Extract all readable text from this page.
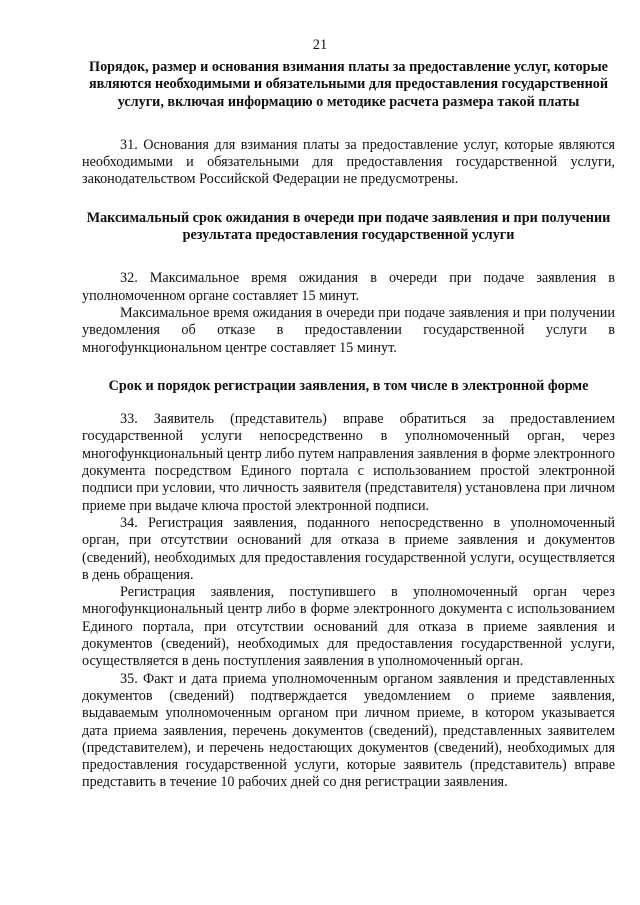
21
Порядок, размер и основания взимания платы за предоставление услуг, которые являются необходимыми и обязательными для предоставления государственной услуги, включая информацию о методике расчета размера такой платы

31. Основания для взимания платы за предоставление услуг, которые являются необходимыми и обязательными для предоставления государственной услуги, законодательством Российской Федерации не предусмотрены.

Максимальный срок ожидания в очереди при подаче заявления и при получении результата предоставления государственной услуги

32. Максимальное время ожидания в очереди при подаче заявления в уполномоченном органе составляет 15 минут.

Максимальное время ожидания в очереди при подаче заявления и при получении уведомления об отказе в предоставлении государственной услуги в многофункциональном центре составляет 15 минут.

Срок и порядок регистрации заявления, в том числе в электронной форме

33. Заявитель (представитель) вправе обратиться за предоставлением государственной услуги непосредственно в уполномоченный орган, через многофункциональный центр либо путем направления заявления в форме электронного документа посредством Единого портала с использованием простой электронной подписи при условии, что личность заявителя (представителя) установлена при личном приеме при выдаче ключа простой электронной подписи.

34. Регистрация заявления, поданного непосредственно в уполномоченный орган, при отсутствии оснований для отказа в приеме заявления и документов (сведений), необходимых для предоставления государственной услуги, осуществляется в день обращения.

Регистрация заявления, поступившего в уполномоченный орган через многофункциональный центр либо в форме электронного документа с использованием Единого портала, при отсутствии оснований для отказа в приеме заявления и документов (сведений), необходимых для предоставления государственной услуги, осуществляется в день поступления заявления в уполномоченный орган.

35. Факт и дата приема уполномоченным органом заявления и представленных документов (сведений) подтверждается уведомлением о приеме заявления, выдаваемым уполномоченным органом при личном приеме, в котором указывается дата приема заявления, перечень документов (сведений), представленных заявителем (представителем), и перечень недостающих документов (сведений), необходимых для предоставления государственной услуги, которые заявитель (представитель) вправе представить в течение 10 рабочих дней со дня регистрации заявления.
